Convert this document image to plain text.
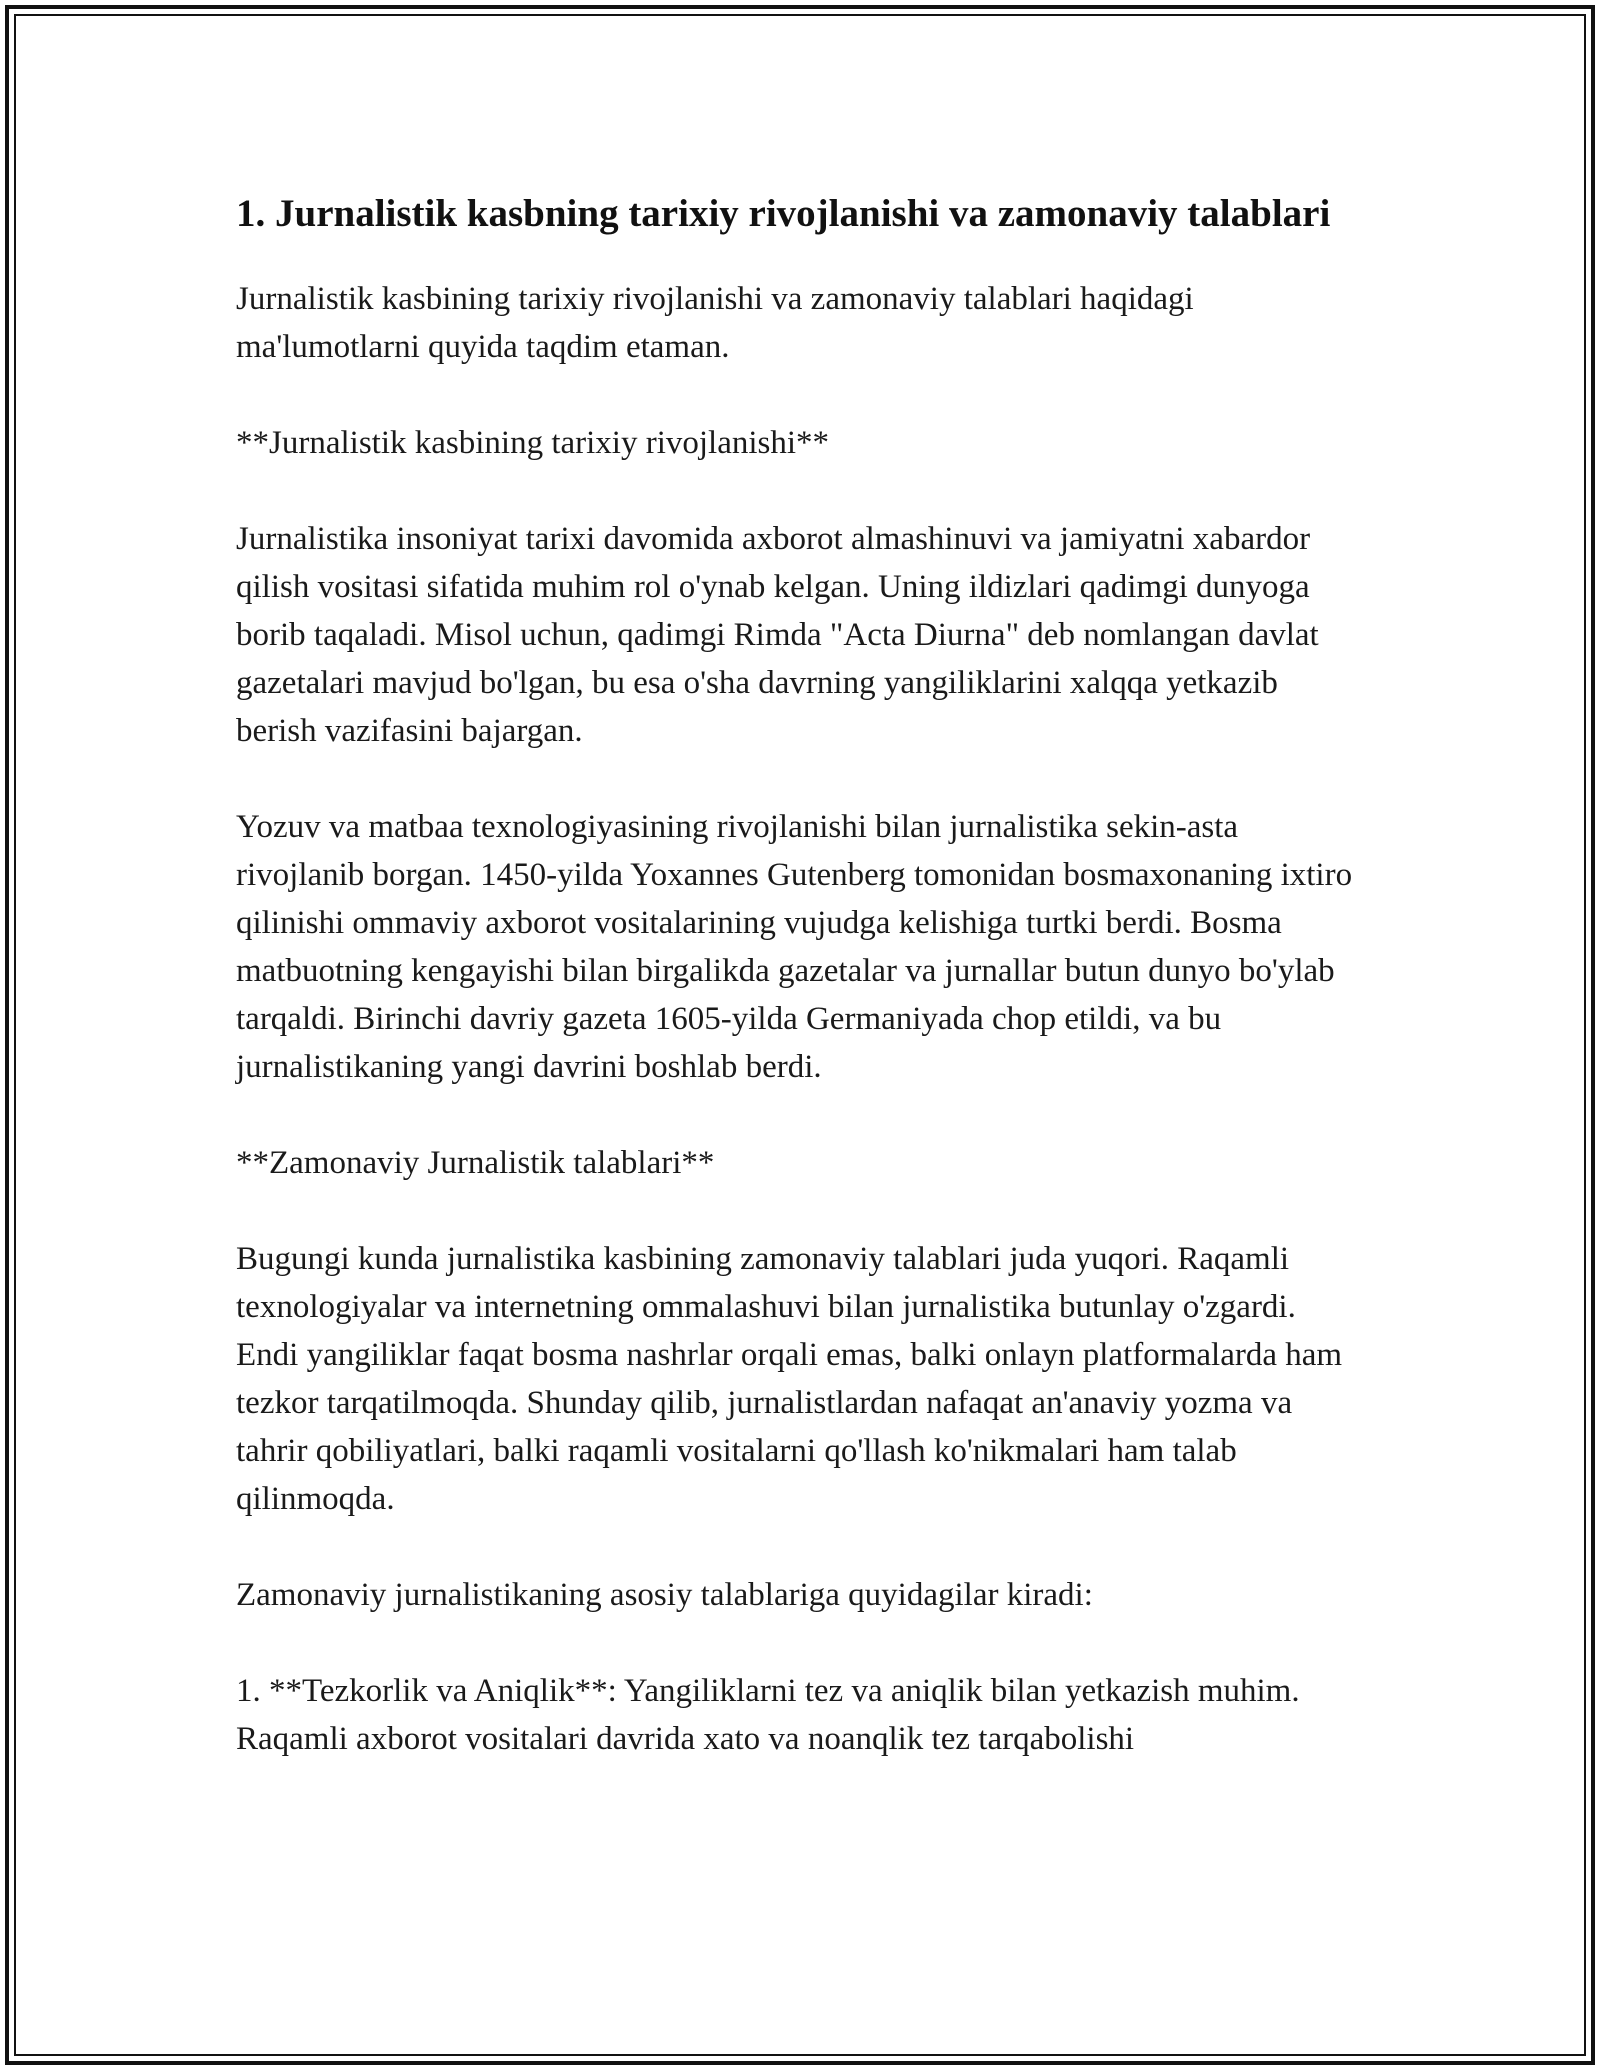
1. Jurnalistik kasbning tarixiy rivojlanishi va zamonaviy talablari

Jurnalistik kasbining tarixiy rivojlanishi va zamonaviy talablari haqidagi ma'lumotlarni quyida taqdim etaman.

**Jurnalistik kasbining tarixiy rivojlanishi**

Jurnalistika insoniyat tarixi davomida axborot almashinuvi va jamiyatni xabardor qilish vositasi sifatida muhim rol o'ynab kelgan. Uning ildizlari qadimgi dunyoga borib taqaladi. Misol uchun, qadimgi Rimda "Acta Diurna" deb nomlangan davlat gazetalari mavjud bo'lgan, bu esa o'sha davrning yangiliklarini xalqqa yetkazib berish vazifasini bajargan.

Yozuv va matbaa texnologiyasining rivojlanishi bilan jurnalistika sekin-asta rivojlanib borgan. 1450-yilda Yoxannes Gutenberg tomonidan bosmaxonaning ixtiro qilinishi ommaviy axborot vositalarining vujudga kelishiga turtki berdi. Bosma matbuotning kengayishi bilan birgalikda gazetalar va jurnallar butun dunyo bo'ylab tarqaldi. Birinchi davriy gazeta 1605-yilda Germaniyada chop etildi, va bu jurnalistikaning yangi davrini boshlab berdi.

**Zamonaviy Jurnalistik talablari**

Bugungi kunda jurnalistika kasbining zamonaviy talablari juda yuqori. Raqamli texnologiyalar va internetning ommalashuvi bilan jurnalistika butunlay o'zgardi. Endi yangiliklar faqat bosma nashrlar orqali emas, balki onlayn platformalarda ham tezkor tarqatilmoqda. Shunday qilib, jurnalistlardan nafaqat an'anaviy yozma va tahrir qobiliyatlari, balki raqamli vositalarni qo'llash ko'nikmalari ham talab qilinmoqda.

Zamonaviy jurnalistikaning asosiy talablariga quyidagilar kiradi:

1. **Tezkorlik va Aniqlik**: Yangiliklarni tez va aniqlik bilan yetkazish muhim. Raqamli axborot vositalari davrida xato va noanqlik tez tarqabolishi
